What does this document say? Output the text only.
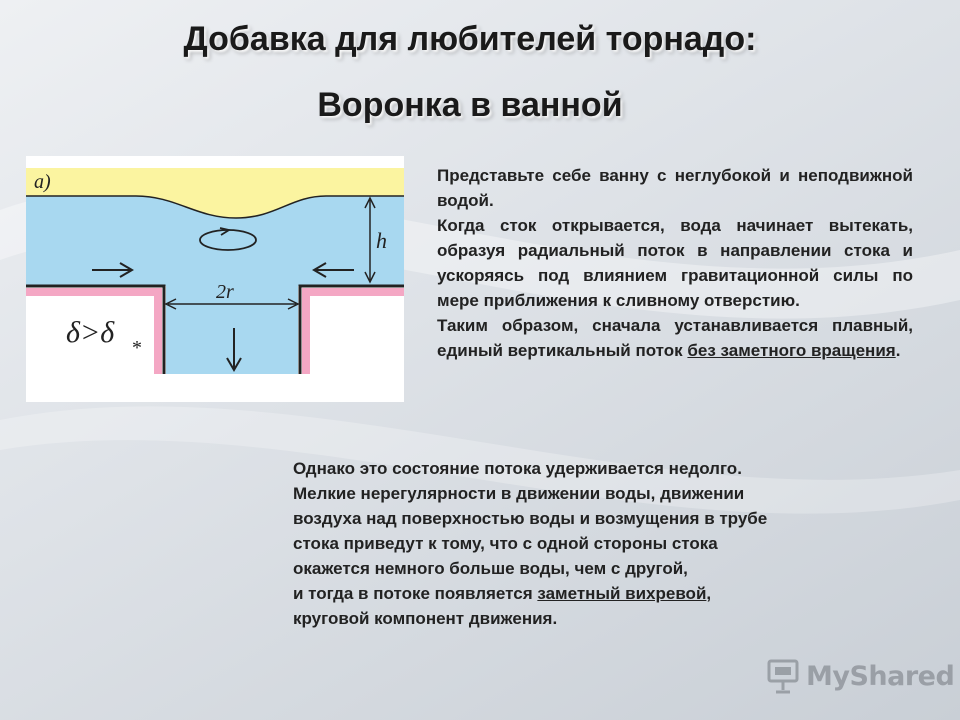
Добавка для любителей торнадо:
Воронка в ванной
a)
h
2r
δ>δ *

Представьте себе ванну с неглубокой и неподвижной водой.

Когда сток открывается, вода начинает вытекать, образуя радиальный поток в направлении стока и ускоряясь под влиянием гравитационной силы по мере приближения к сливному отверстию.

Таким образом, сначала устанавливается плавный, единый вертикальный поток без заметного вращения.

Однако это состояние потока удерживается недолго.

Мелкие нерегулярности в движении воды, движении

воздуха над поверхностью воды и возмущения в трубе

стока приведут к тому, что с одной стороны стока

окажется немного больше воды, чем с другой,

и тогда в потоке появляется заметный вихревой,

круговой компонент движения.

MyShared
